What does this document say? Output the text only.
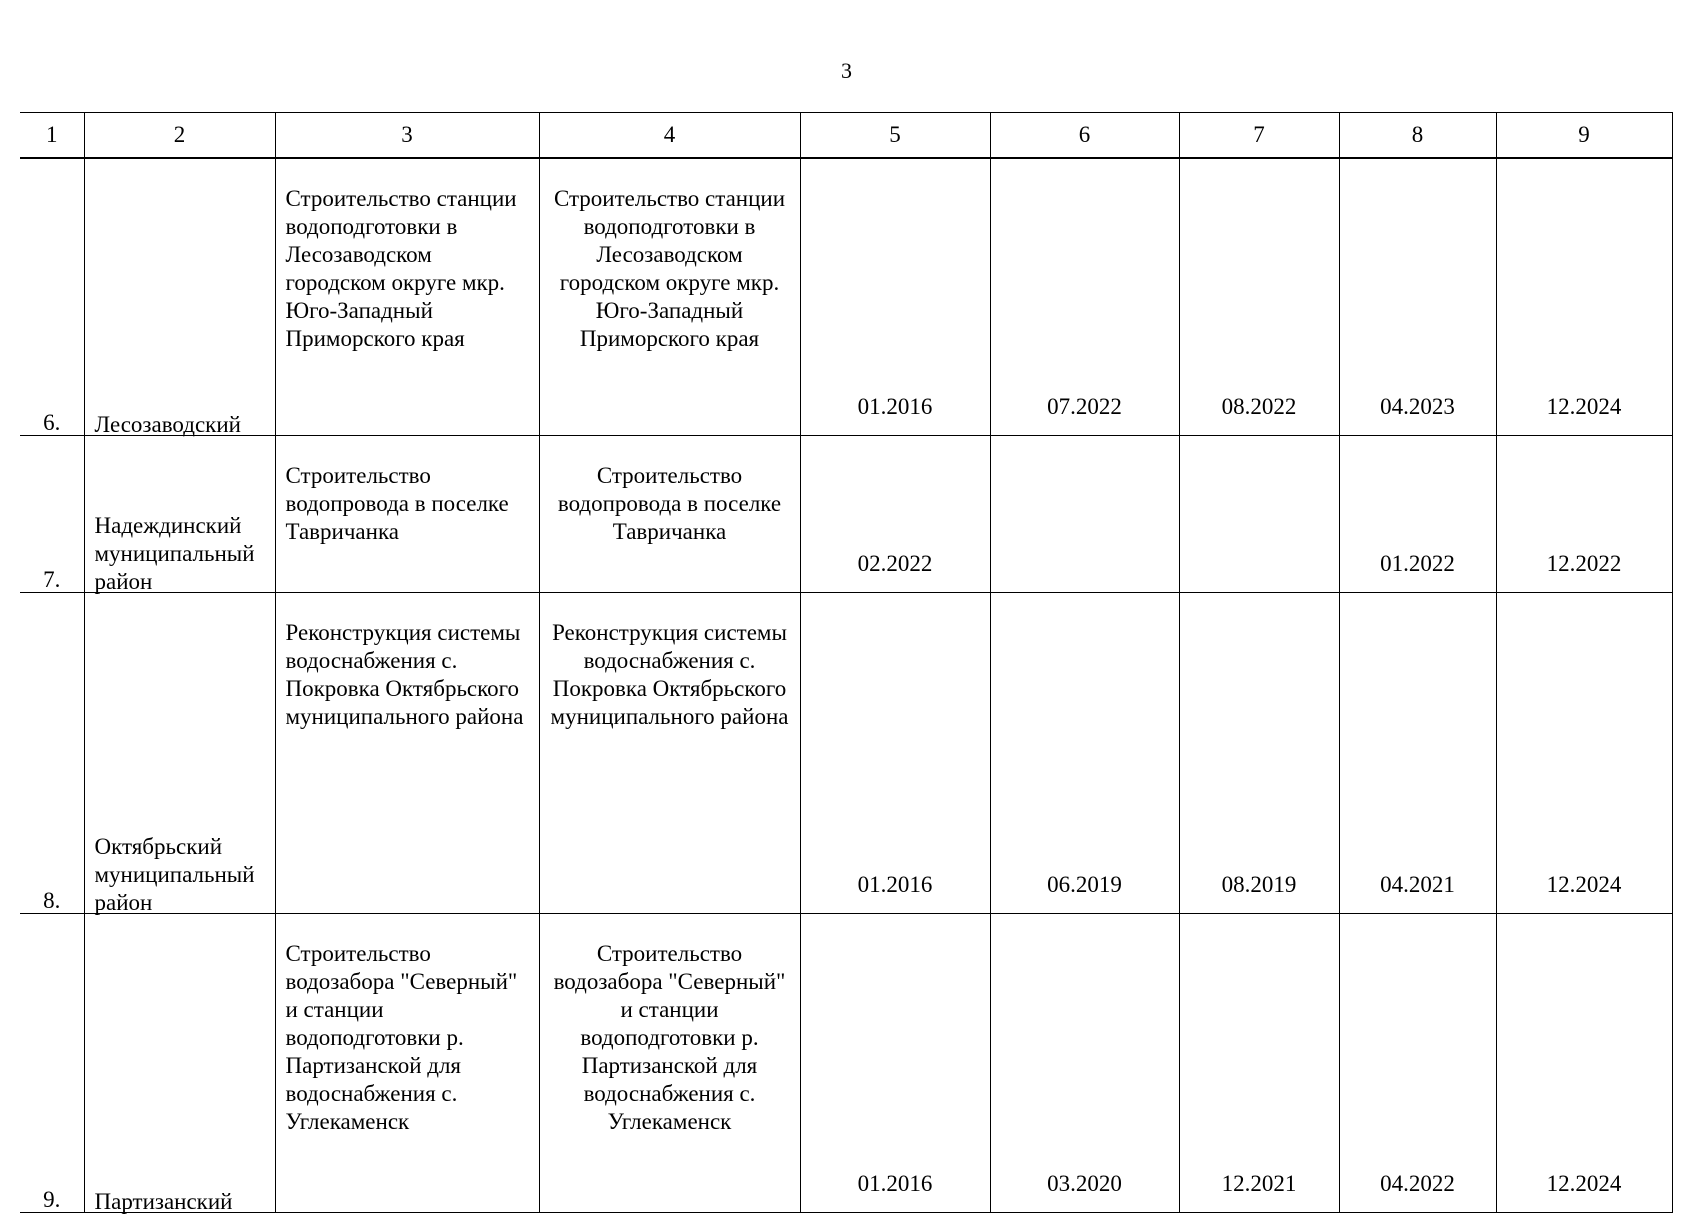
3
1	2	3	4	5	6	7	8	9

6.	Лесозаводский	Строительство станции водоподготовки в Лесозаводском городском округе мкр. Юго-Западный Приморского края	Строительство станции водоподготовки в Лесозаводском городском округе мкр. Юго-Западный Приморского края	01.2016	07.2022	08.2022	04.2023	12.2024

7.	Надеждинский муниципальный район	Строительство водопровода в поселке Тавричанка	Строительство водопровода в поселке Тавричанка	02.2022			01.2022	12.2022

8.	Октябрьский муниципальный район	Реконструкция системы водоснабжения с. Покровка Октябрьского муниципального района	Реконструкция системы водоснабжения с. Покровка Октябрьского муниципального района	01.2016	06.2019	08.2019	04.2021	12.2024

9.	Партизанский	Строительство водозабора "Северный" и станции водоподготовки р. Партизанской для водоснабжения с. Углекаменск	Строительство водозабора "Северный" и станции водоподготовки р. Партизанской для водоснабжения с. Углекаменск	01.2016	03.2020	12.2021	04.2022	12.2024
